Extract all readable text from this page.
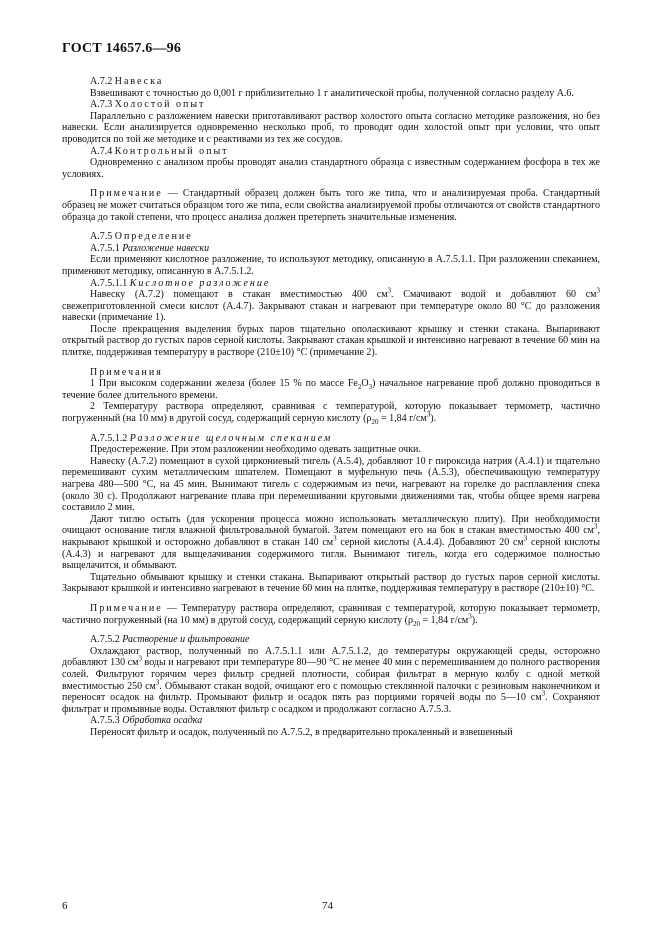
ГОСТ 14657.6—96

А.7.2 Навеска

Взвешивают с точностью до 0,001 г приблизительно 1 г аналитической пробы, полученной согласно разделу А.6.

А.7.3 Холостой опыт

Параллельно с разложением навески приготавливают раствор холостого опыта согласно методике разложения, но без навески. Если анализируется одновременно несколько проб, то проводят один холостой опыт при условии, что опыт проводится по той же методике и с реактивами из тех же сосудов.

А.7.4 Контрольный опыт

Одновременно с анализом пробы проводят анализ стандартного образца с известным содержанием фосфора в тех же условиях.

Примечание — Стандартный образец должен быть того же типа, что и анализируемая проба. Стандартный образец не может считаться образцом того же типа, если свойства анализируемой пробы отличаются от свойств стандартного образца до такой степени, что процесс анализа должен претерпеть значительные изменения.

А.7.5 Определение

А.7.5.1 Разложение навески

Если применяют кислотное разложение, то используют методику, описанную в А.7.5.1.1. При разложении спеканием, применяют методику, описанную в А.7.5.1.2.

А.7.5.1.1 Кислотное разложение

Навеску (А.7.2) помещают в стакан вместимостью 400 $см^3$. Смачивают водой и добавляют 60 $см^3$ свежеприготовленной смеси кислот (А.4.7). Закрывают стакан и нагревают при температуре около 80 °С до разложения навески (примечание 1).

После прекращения выделения бурых паров тщательно ополаскивают крышку и стенки стакана. Выпаривают открытый раствор до густых паров серной кислоты. Закрывают стакан крышкой и интенсивно нагревают в течение 60 мин на плитке, поддерживая температуру в растворе (210±10) °С (примечание 2).

Примечания

1 При высоком содержании железа (более 15 % по массе $Fe_2O_3$) начальное нагревание проб должно проводиться в течение более длительного времени.

2 Температуру раствора определяют, сравнивая с температурой, которую показывает термометр, частично погруженный (на 10 мм) в другой сосуд, содержащий серную кислоту ($\rho_{20} = 1,84$ $г/см^3$).

А.7.5.1.2 Разложение щелочным спеканием

Предостережение. При этом разложении необходимо одевать защитные очки.

Навеску (А.7.2) помещают в сухой циркониевый тигель (А.5.4), добавляют 10 г пироксида натрия (А.4.1) и тщательно перемешивают сухим металлическим шпателем. Помещают в муфельную печь (А.5.3), обеспечивающую температуру нагрева 480—500 °С, на 45 мин. Вынимают тигель с содержимым из печи, нагревают на горелке до расплавления спека (около 30 с). Продолжают нагревание плава при перемешивании круговыми движениями так, чтобы общее время нагрева составило 2 мин.

Дают тиглю остыть (для ускорения процесса можно использовать металлическую плиту). При необходимости очищают основание тигля влажной фильтровальной бумагой. Затем помещают его на бок в стакан вместимостью 400 $см^3$, накрывают крышкой и осторожно добавляют в стакан 140 $см^3$ серной кислоты (А.4.4). Добавляют 20 $см^3$ серной кислоты (А.4.3) и нагревают для выщелачивания содержимого тигля. Вынимают тигель, когда его содержимое полностью выщелачится, и обмывают.

Тщательно обмывают крышку и стенки стакана. Выпаривают открытый раствор до густых паров серной кислоты. Закрывают крышкой и интенсивно нагревают в течение 60 мин на плитке, поддерживая температуру в растворе (210±10) °С.

Примечание — Температуру раствора определяют, сравнивая с температурой, которую показывает термометр, частично погруженный (на 10 мм) в другой сосуд, содержащий серную кислоту ($\rho_{20} = 1,84$ $г/см^3$).

А.7.5.2 Растворение и фильтрование

Охлаждают раствор, полученный по А.7.5.1.1 или А.7.5.1.2, до температуры окружающей среды, осторожно добавляют 130 $см^3$ воды и нагревают при температуре 80—90 °С не менее 40 мин с перемешиванием до полного растворения солей. Фильтруют горячим через фильтр средней плотности, собирая фильтрат в мерную колбу с одной меткой вместимостью 250 $см^3$. Обмывают стакан водой, очищают его с помощью стеклянной палочки с резиновым наконечником и переносят осадок на фильтр. Промывают фильтр и осадок пять раз порциями горячей воды по 5—10 $см^3$. Сохраняют фильтрат и промывные воды. Оставляют фильтр с осадком и продолжают согласно А.7.5.3.

А.7.5.3 Обработка осадка

Переносят фильтр и осадок, полученный по А.7.5.2, в предварительно прокаленный и взвешенный

6	74
